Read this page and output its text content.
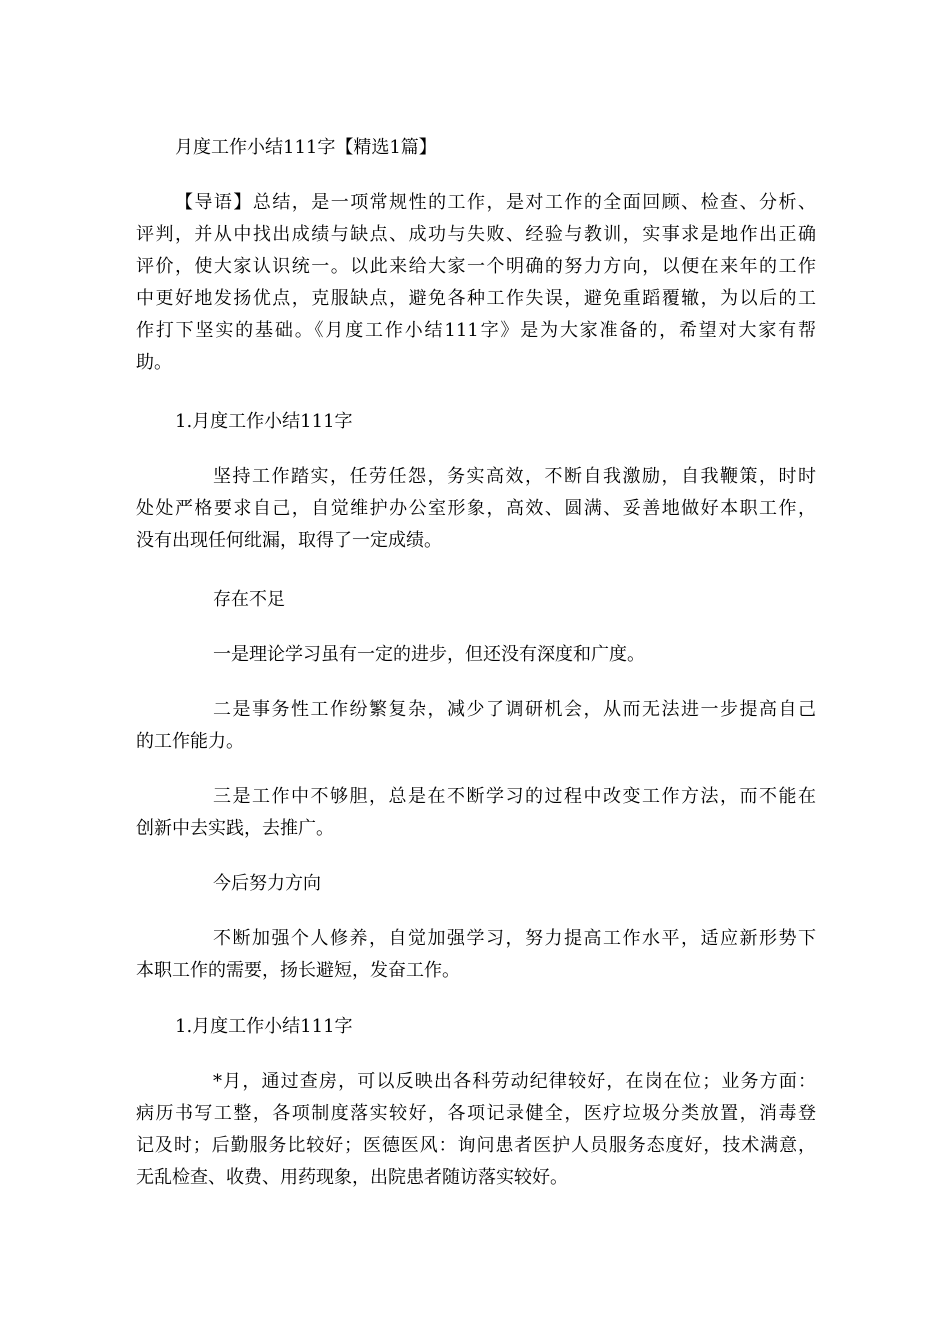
月度工作小结111字【精选1篇】
【导语】总结，是一项常规性的工作，是对工作的全面回顾、检查、分析、
评判，并从中找出成绩与缺点、成功与失败、经验与教训，实事求是地作出正确
评价，使大家认识统一。以此来给大家一个明确的努力方向，以便在来年的工作
中更好地发扬优点，克服缺点，避免各种工作失误，避免重蹈覆辙，为以后的工
作打下坚实的基础。《月度工作小结111字》是为大家准备的，希望对大家有帮
助。
1.月度工作小结111字
坚持工作踏实，任劳任怨，务实高效，不断自我激励，自我鞭策，时时
处处严格要求自己，自觉维护办公室形象，高效、圆满、妥善地做好本职工作，
没有出现任何纰漏，取得了一定成绩。
存在不足
一是理论学习虽有一定的进步，但还没有深度和广度。
二是事务性工作纷繁复杂，减少了调研机会，从而无法进一步提高自己
的工作能力。
三是工作中不够胆，总是在不断学习的过程中改变工作方法，而不能在
创新中去实践，去推广。
今后努力方向
不断加强个人修养，自觉加强学习，努力提高工作水平，适应新形势下
本职工作的需要，扬长避短，发奋工作。
1.月度工作小结111字
*月，通过查房，可以反映出各科劳动纪律较好，在岗在位；业务方面：
病历书写工整，各项制度落实较好，各项记录健全，医疗垃圾分类放置，消毒登
记及时；后勤服务比较好；医德医风：询问患者医护人员服务态度好，技术满意，
无乱检查、收费、用药现象，出院患者随访落实较好。
